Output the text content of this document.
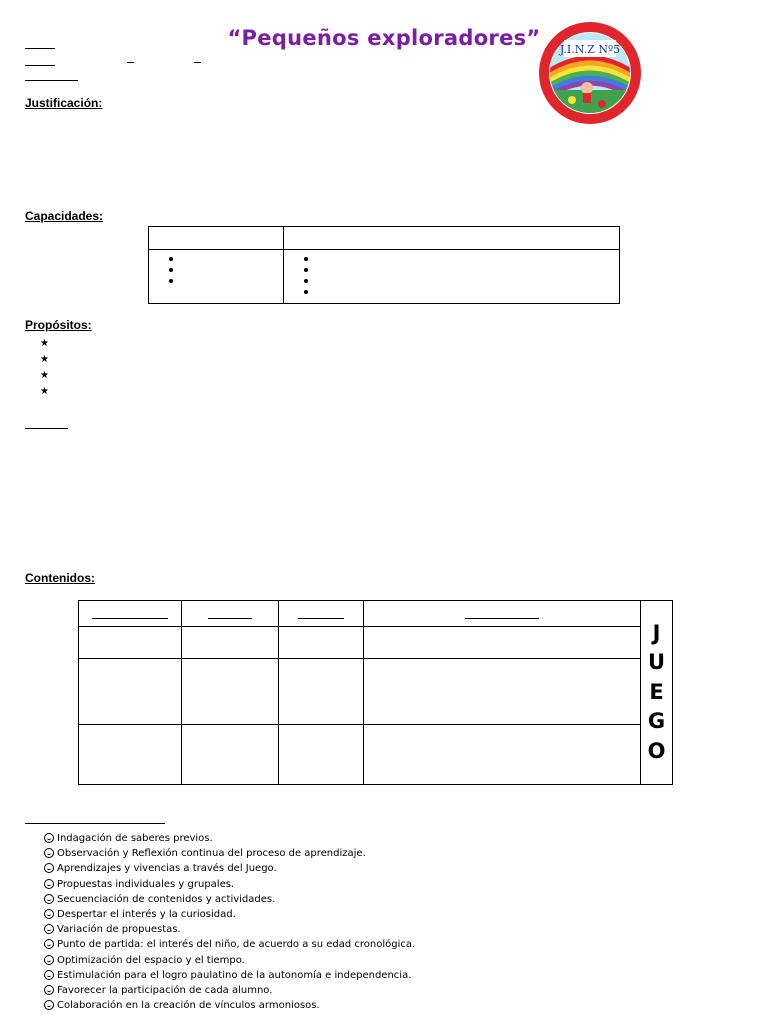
“Pequeños exploradores”	J.I.N.Z Nº5
Justificación:
Capacidades:

Propósitos:
★
★
★
★
Contenidos:

				J
U
E
G
O

Indagación de saberes previos.
Observación y Reflexión continua del proceso de aprendizaje.
Aprendizajes y vivencias a través del Juego.
Propuestas individuales y grupales.
Secuenciación de contenidos y actividades.
Despertar el interés y la curiosidad.
Variación de propuestas.
Punto de partida: el interés del niño, de acuerdo a su edad cronológica.
Optimización del espacio y el tiempo.
Estimulación para el logro paulatino de la autonomía e independencia.
Favorecer la participación de cada alumno.
Colaboración en la creación de vínculos armoniosos.
